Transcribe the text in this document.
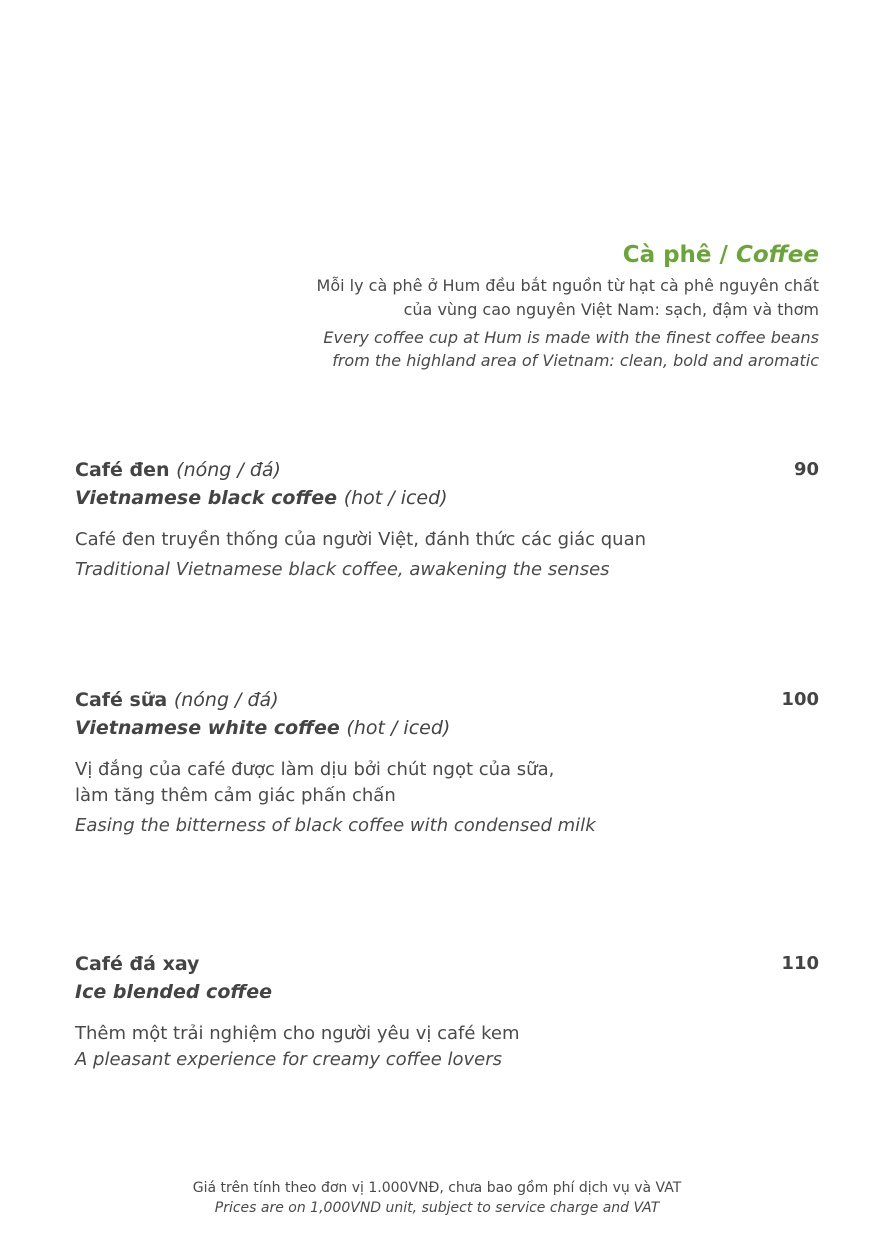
Cà phê / Coffee
Mỗi ly cà phê ở Hum đều bắt nguồn từ hạt cà phê nguyên chất
của vùng cao nguyên Việt Nam: sạch, đậm và thơm
Every coffee cup at Hum is made with the finest coffee beans
from the highland area of Vietnam: clean, bold and aromatic
Café đen (nóng / đá)
Vietnamese black coffee (hot / iced)
90
Café đen truyền thống của người Việt, đánh thức các giác quan
Traditional Vietnamese black coffee, awakening the senses
Café sữa (nóng / đá)
Vietnamese white coffee (hot / iced)
100
Vị đắng của café được làm dịu bởi chút ngọt của sữa,
làm tăng thêm cảm giác phấn chấn
Easing the bitterness of black coffee with condensed milk
Café đá xay
Ice blended coffee
110
Thêm một trải nghiệm cho người yêu vị café kem
A pleasant experience for creamy coffee lovers
Giá trên tính theo đơn vị 1.000VNĐ, chưa bao gồm phí dịch vụ và VAT
Prices are on 1,000VND unit, subject to service charge and VAT
